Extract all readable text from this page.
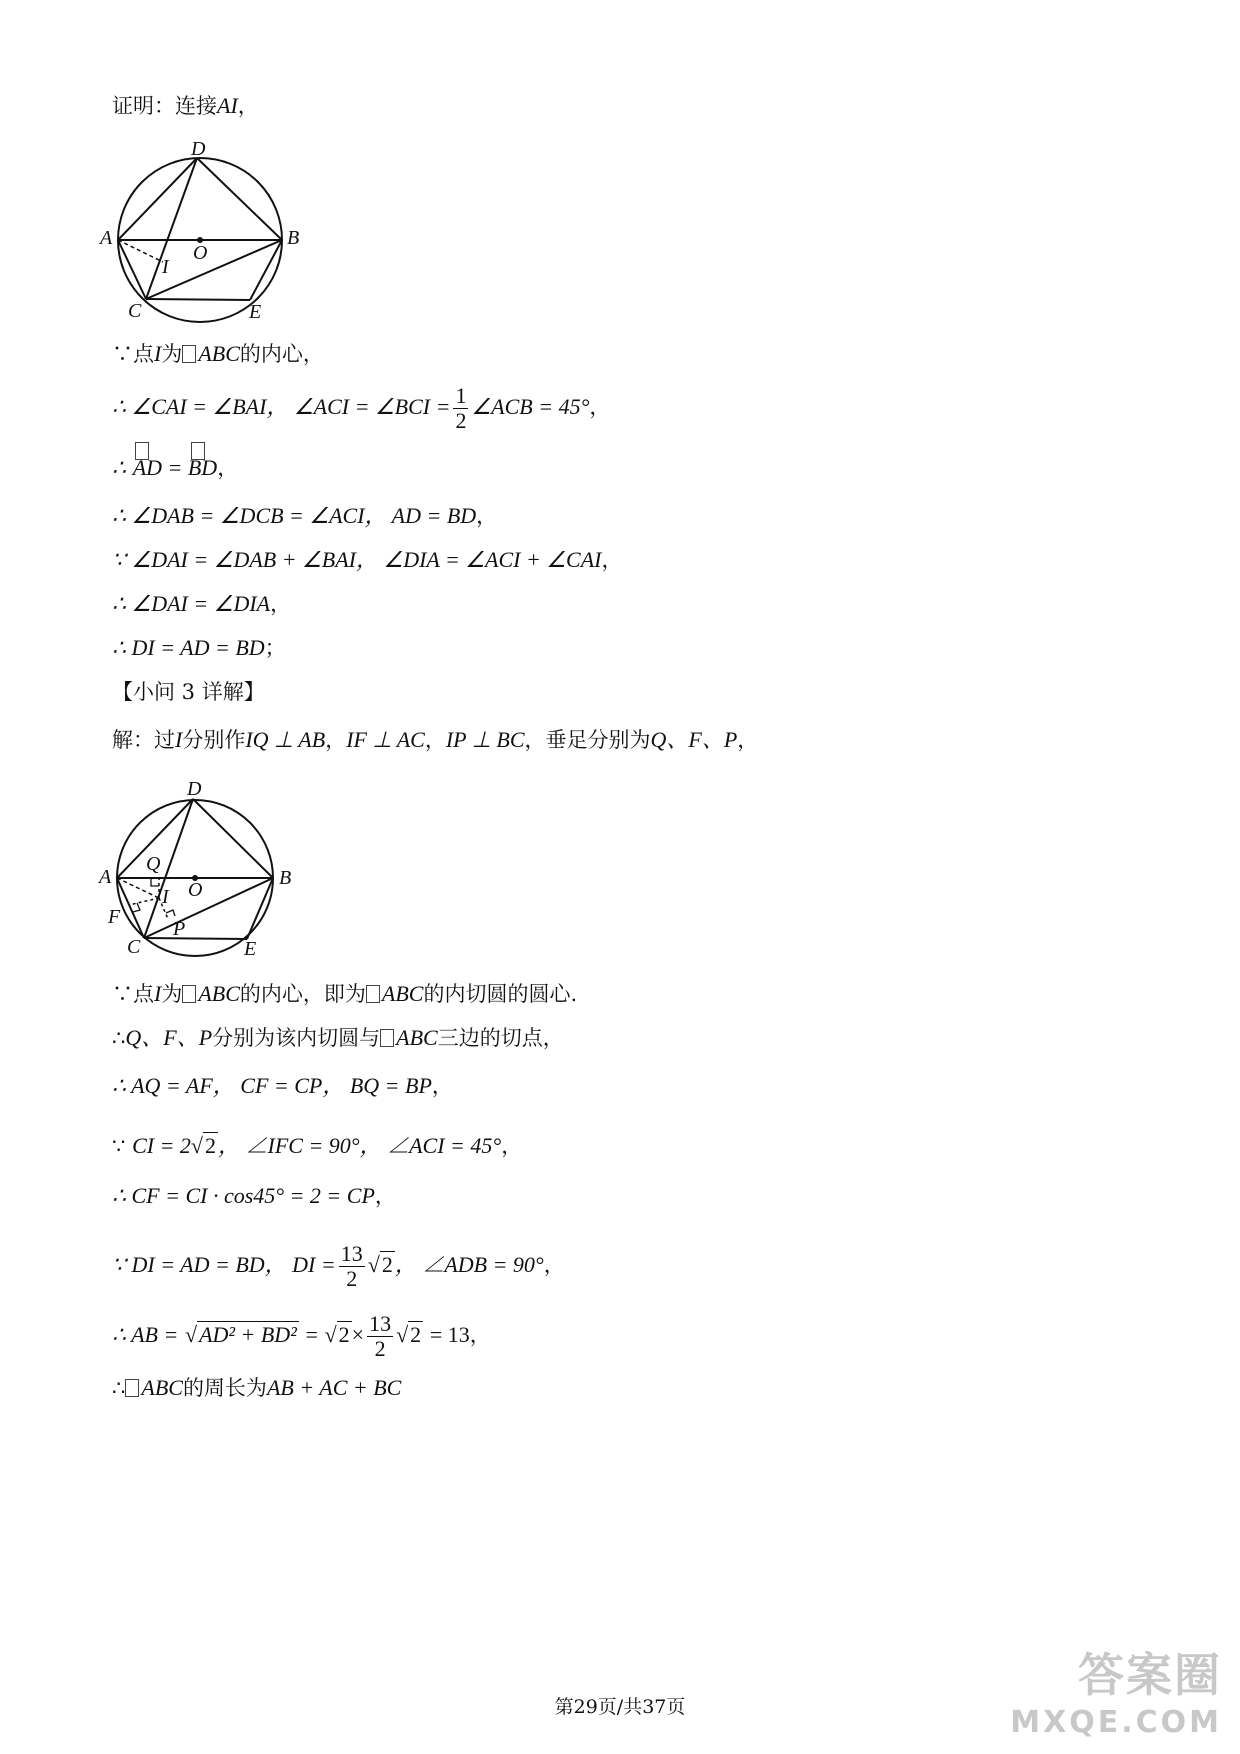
证明：连接AI，
D
A	B
O
I
C	E
∵点I为 ABC的内心，
∴ ∠CAI = ∠BAI， ∠ACI = ∠BCI = $\frac{1}{2}$ ∠ACB = 45°，
∴ AD = BD，
∴ ∠DAB = ∠DCB = ∠ACI， AD = BD，
∵ ∠DAI = ∠DAB + ∠BAI， ∠DIA = ∠ACI + ∠CAI，
∴ ∠DAI = ∠DIA，
∴ DI = AD = BD；
【小问 3 详解】
解：过I分别作IQ ⊥ AB，IF ⊥ AC，IP ⊥ BC，垂足分别为Q、F、P，
D
A	B
O
Q
I
F
P
C	E
∵点I为 ABC的内心，即为 ABC的内切圆的圆心.
∴Q、F、P分别为该内切圆与 ABC三边的切点，
∴ AQ = AF， CF = CP， BQ = BP，
∵ CI = 2√2， ∠IFC = 90°， ∠ACI = 45°，
∴ CF = CI · cos45° = 2 = CP，
∵ DI = AD = BD， DI = $\frac{13}{2} √2$， ∠ADB = 90°，
∴ AB = $√AD^2 + BD^2 = √2\times \frac{13}{2} √2 = 13$，
∴ ABC的周长为AB + AC + BC
第29页/共37页
答案圈
MXQE.COM
